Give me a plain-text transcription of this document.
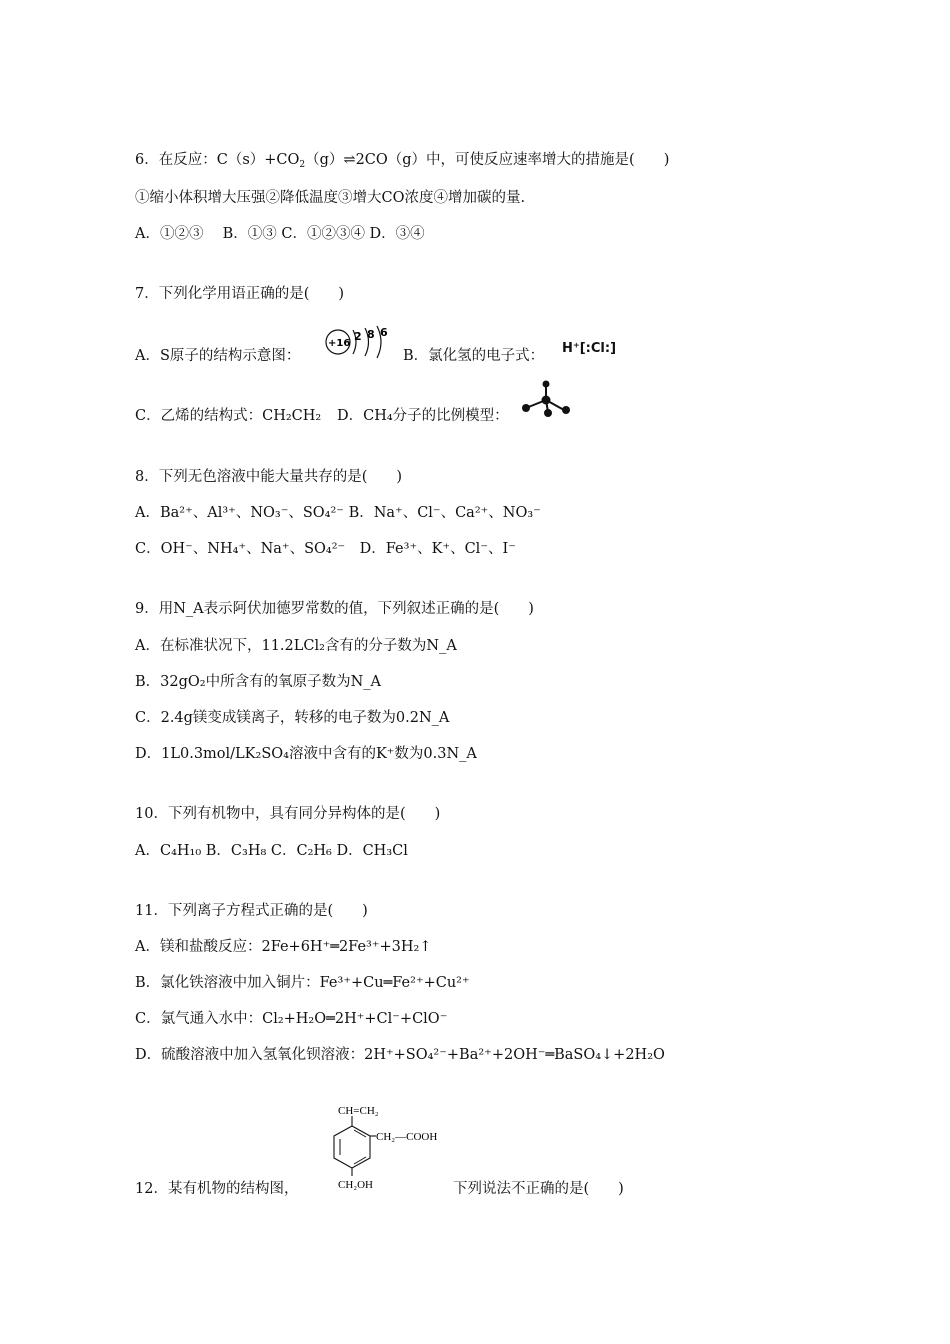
6．在反应：$C(s)+CO_2(g)\rightleftharpoons 2CO(g)$中，可使反应速率增大的措施是(　　)
①缩小体积增大压强②降低温度③增大CO浓度④增加碳的量.
A．①②③　 B．①③ C．①②③④ D．③④
7．下列化学用语正确的是(　　)
A．S原子的结构示意图：
+16
2 8 6
B．氯化氢的电子式： H⁺[:Cl:]
C．乙烯的结构式：CH₂CH₂ D．CH₄分子的比例模型：
8．下列无色溶液中能大量共存的是(　　)
A．Ba²⁺、Al³⁺、NO₃⁻、SO₄²⁻ B．Na⁺、Cl⁻、Ca²⁺、NO₃⁻
C．OH⁻、NH₄⁺、Na⁺、SO₄²⁻　D．Fe³⁺、K⁺、Cl⁻、I⁻
9．用N_A表示阿伏加德罗常数的值，下列叙述正确的是(　　)
A．在标准状况下，11.2LCl₂含有的分子数为N_A
B．32gO₂中所含有的氧原子数为N_A
C．2.4g镁变成镁离子，转移的电子数为0.2N_A
D．1L0.3mol/LK₂SO₄溶液中含有的K⁺数为0.3N_A
10．下列有机物中，具有同分异构体的是(　　)
A．C₄H₁₀ B．C₃H₈ C．C₂H₆ D．CH₃Cl
11．下列离子方程式正确的是(　　)
A．镁和盐酸反应：2Fe+6H⁺═2Fe³⁺+3H₂↑
B．氯化铁溶液中加入铜片：Fe³⁺+Cu═Fe²⁺+Cu²⁺
C．氯气通入水中：Cl₂+H₂O═2H⁺+Cl⁻+ClO⁻
D．硫酸溶液中加入氢氧化钡溶液：2H⁺+SO₄²⁻+Ba²⁺+2OH⁻═BaSO₄↓+2H₂O
CH=CH₂
CH₂—COOH
CH₂OH
12．某有机物的结构图，	下列说法不正确的是(　　)
